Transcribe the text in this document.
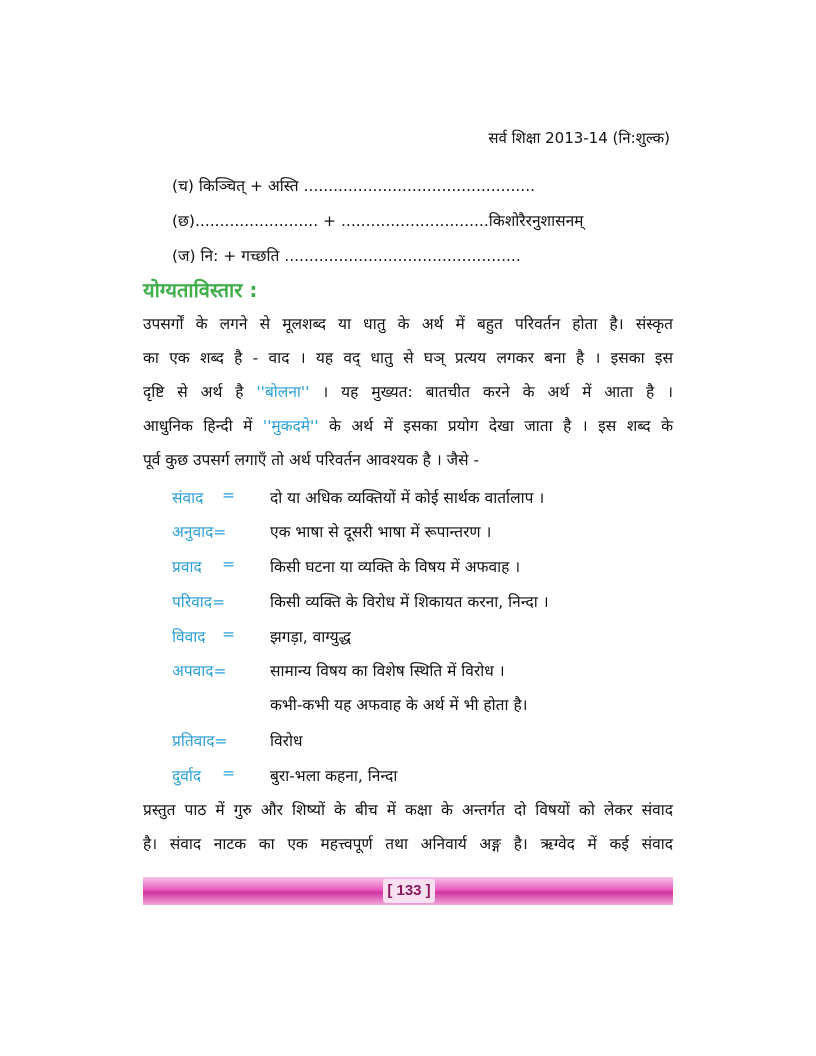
सर्व शिक्षा 2013-14 (नि:शुल्क)
(च) किञ्चित् + अस्ति ...............................................
(छ)......................... + ..............................किशोरैरनुशासनम्
(ज) नि: + गच्छति ................................................
योग्यताविस्तार :
उपसर्गों के लगने से मूलशब्द या धातु के अर्थ में बहुत परिवर्तन होता है। संस्कृत
का एक शब्द है - वाद । यह वद् धातु से घञ् प्रत्यय लगकर बना है । इसका इस
दृष्टि से अर्थ है ''बोलना'' । यह मुख्यत: बातचीत करने के अर्थ में आता है ।
आधुनिक हिन्दी में ''मुकदमे'' के अर्थ में इसका प्रयोग देखा जाता है । इस शब्द के
पूर्व कुछ उपसर्ग लगाएँ तो अर्थ परिवर्तन आवश्यक है । जैसे -
संवाद = दो या अधिक व्यक्तियों में कोई सार्थक वार्तालाप ।
अनुवाद=	एक भाषा से दूसरी भाषा में रूपान्तरण ।
प्रवाद = किसी घटना या व्यक्ति के विषय में अफवाह ।
परिवाद=	किसी व्यक्ति के विरोध में शिकायत करना, निन्दा ।
विवाद = झगड़ा, वाग्युद्ध
अपवाद=	सामान्य विषय का विशेष स्थिति में विरोध ।
कभी-कभी यह अफवाह के अर्थ में भी होता है।
प्रतिवाद=	विरोध
दुर्वाद = बुरा-भला कहना, निन्दा
प्रस्तुत पाठ में गुरु और शिष्यों के बीच में कक्षा के अन्तर्गत दो विषयों को लेकर संवाद
है। संवाद नाटक का एक महत्त्वपूर्ण तथा अनिवार्य अङ्ग है। ऋग्वेद में कई संवाद
[ 133 ]
